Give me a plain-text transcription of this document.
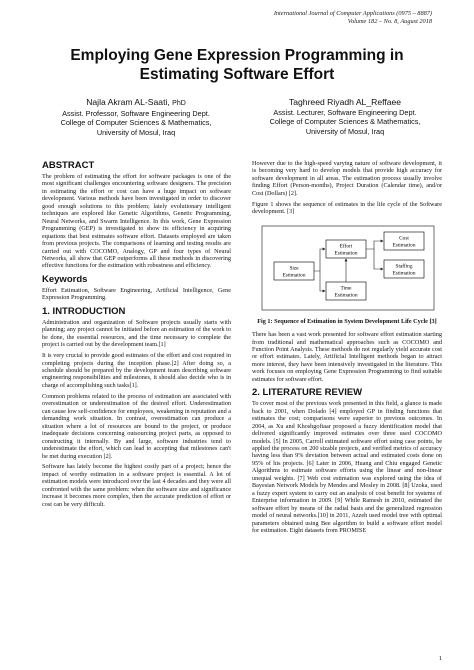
International Journal of Computer Applications (0975 – 8887)
Volume 182 – No. 8, August 2018
Employing Gene Expression Programming in Estimating Software Effort
Najla Akram AL-Saati, PhD
Assist. Professor, Software Engineering Dept.
College of Computer Sciences & Mathematics,
University of Mosul, Iraq
Taghreed Riyadh AL_Reffaee
Assist. Lecturer, Software Engineering Dept.
College of Computer Sciences & Mathematics,
University of Mosul, Iraq
ABSTRACT
The problem of estimating the effort for software packages is one of the most significant challenges encountering software designers. The precision in estimating the effort or cost can have a huge impact on software development. Various methods have been investigated in order to discover good enough solutions to this problem; lately evolutionary intelligent techniques are explored like Genetic Algorithms, Genetic Programming, Neural Networks, and Swarm Intelligence. In this work, Gene Expression Programming (GEP) is investigated to show its efficiency in acquiring equations that best estimates software effort. Datasets employed are taken from previous projects. The comparisons of learning and testing results are carried out with COCOMO, Analogy, GP and four types of Neural Networks, all show that GEP outperforms all these methods in discovering effective functions for the estimation with robustness and efficiency.
Keywords
Effort Estimation, Software Engineering, Artificial Intelligence, Gene Expression Programming.
1. INTRODUCTION
Administration and organization of Software projects usually starts with planning; any project cannot be initiated before an estimation of the work to be done, the essential resources, and the time necessary to complete the project is carried out by the development team.[1]
It is very crucial to provide good estimates of the effort and cost required in completing projects during the inception phase.[2] After doing so, a schedule should be prepared by the development team describing software engineering responsibilities and milestones, it should also decide who is in charge of accomplishing such tasks[1].
Common problems related to the process of estimation are associated with overestimation or underestimation of the desired effort. Underestimation can cause low self-confidence for employees, weakening in reputation and a demanding work situation. In contrast, overestimation can produce a situation where a lot of resources are bound to the project, or produce inadequate decisions concerning outsourcing project parts, as opposed to constructing it internally. By and large, software industries tend to underestimate the effort, which can lead to accepting that milestones can't be met during execution [2].
Software has lately become the highest costly part of a project; hence the impact of worthy estimation in a software project is essential. A lot of estimation models were introduced over the last 4 decades and they were all confronted with the same problem: when the software size and significance increase it becomes more complex, then the accurate prediction of effort or cost can be very difficult.
However due to the high-speed varying nature of software development, it is becoming very hard to develop models that provide high accuracy for software development in all areas. The estimation process usually involve finding Effort (Person-months), Project Duration (Calendar time), and/or Cost (Dollars) [2].
Figure 1 shows the sequence of estimates in the life cycle of the Software development. [3]
Size
Estimation
Effort
Estimation
Time
Estimation
Cost
Estimation
Staffing
Estimation
Fig 1: Sequence of Estimation in System Development Life Cycle [3]
There has been a vast work presented for software effort estimation starting from traditional and mathematical approaches such as COCOMO and Function Point Analysis. These methods do not regularly yield accurate cost or effort estimates. Lately, Artificial Intelligent methods began to attract more interest, they have been intensively investigated in the literature. This work focuses on employing Gene Expression Programming to find suitable estimates for software effort.
2. LITERATURE REVIEW
To cover most of the previous work presented in this field, a glance is made back to 2001, when Dolado [4] employed GP in finding functions that estimates the cost; comparisons were superior to previous outcomes. In 2004, as Xu and Khoshgoftaar proposed a fuzzy identification model that delivered significantly improved estimates over three used COCOMO models. [5] In 2005, Carroll estimated software effort using case points, he applied the process on 200 sizable projects, and verified metrics of accuracy having less than 9% deviation between actual and estimated costs done on 95% of his projects. [6] Later in 2006, Huang and Chiu engaged Genetic Algorithms to estimate software efforts using the linear and non-linear unequal weights. [7] Web cost estimation was explored using the idea of Bayesian Network Models by Mendes and Mosley in 2008. [8] Uzoka, used a fuzzy expert system to carry out an analysis of cost benefit for systems of Enterprise information in 2009. [9] While Ramesh in 2010, estimated the software effort by means of the radial basis and the generalized regression model of neural networks.[10] in 2011, Azzeh used model tree with optimal parameters obtained using Bee algorithm to build a software effort model for estimation. Eight datasets from PROMISE
1
